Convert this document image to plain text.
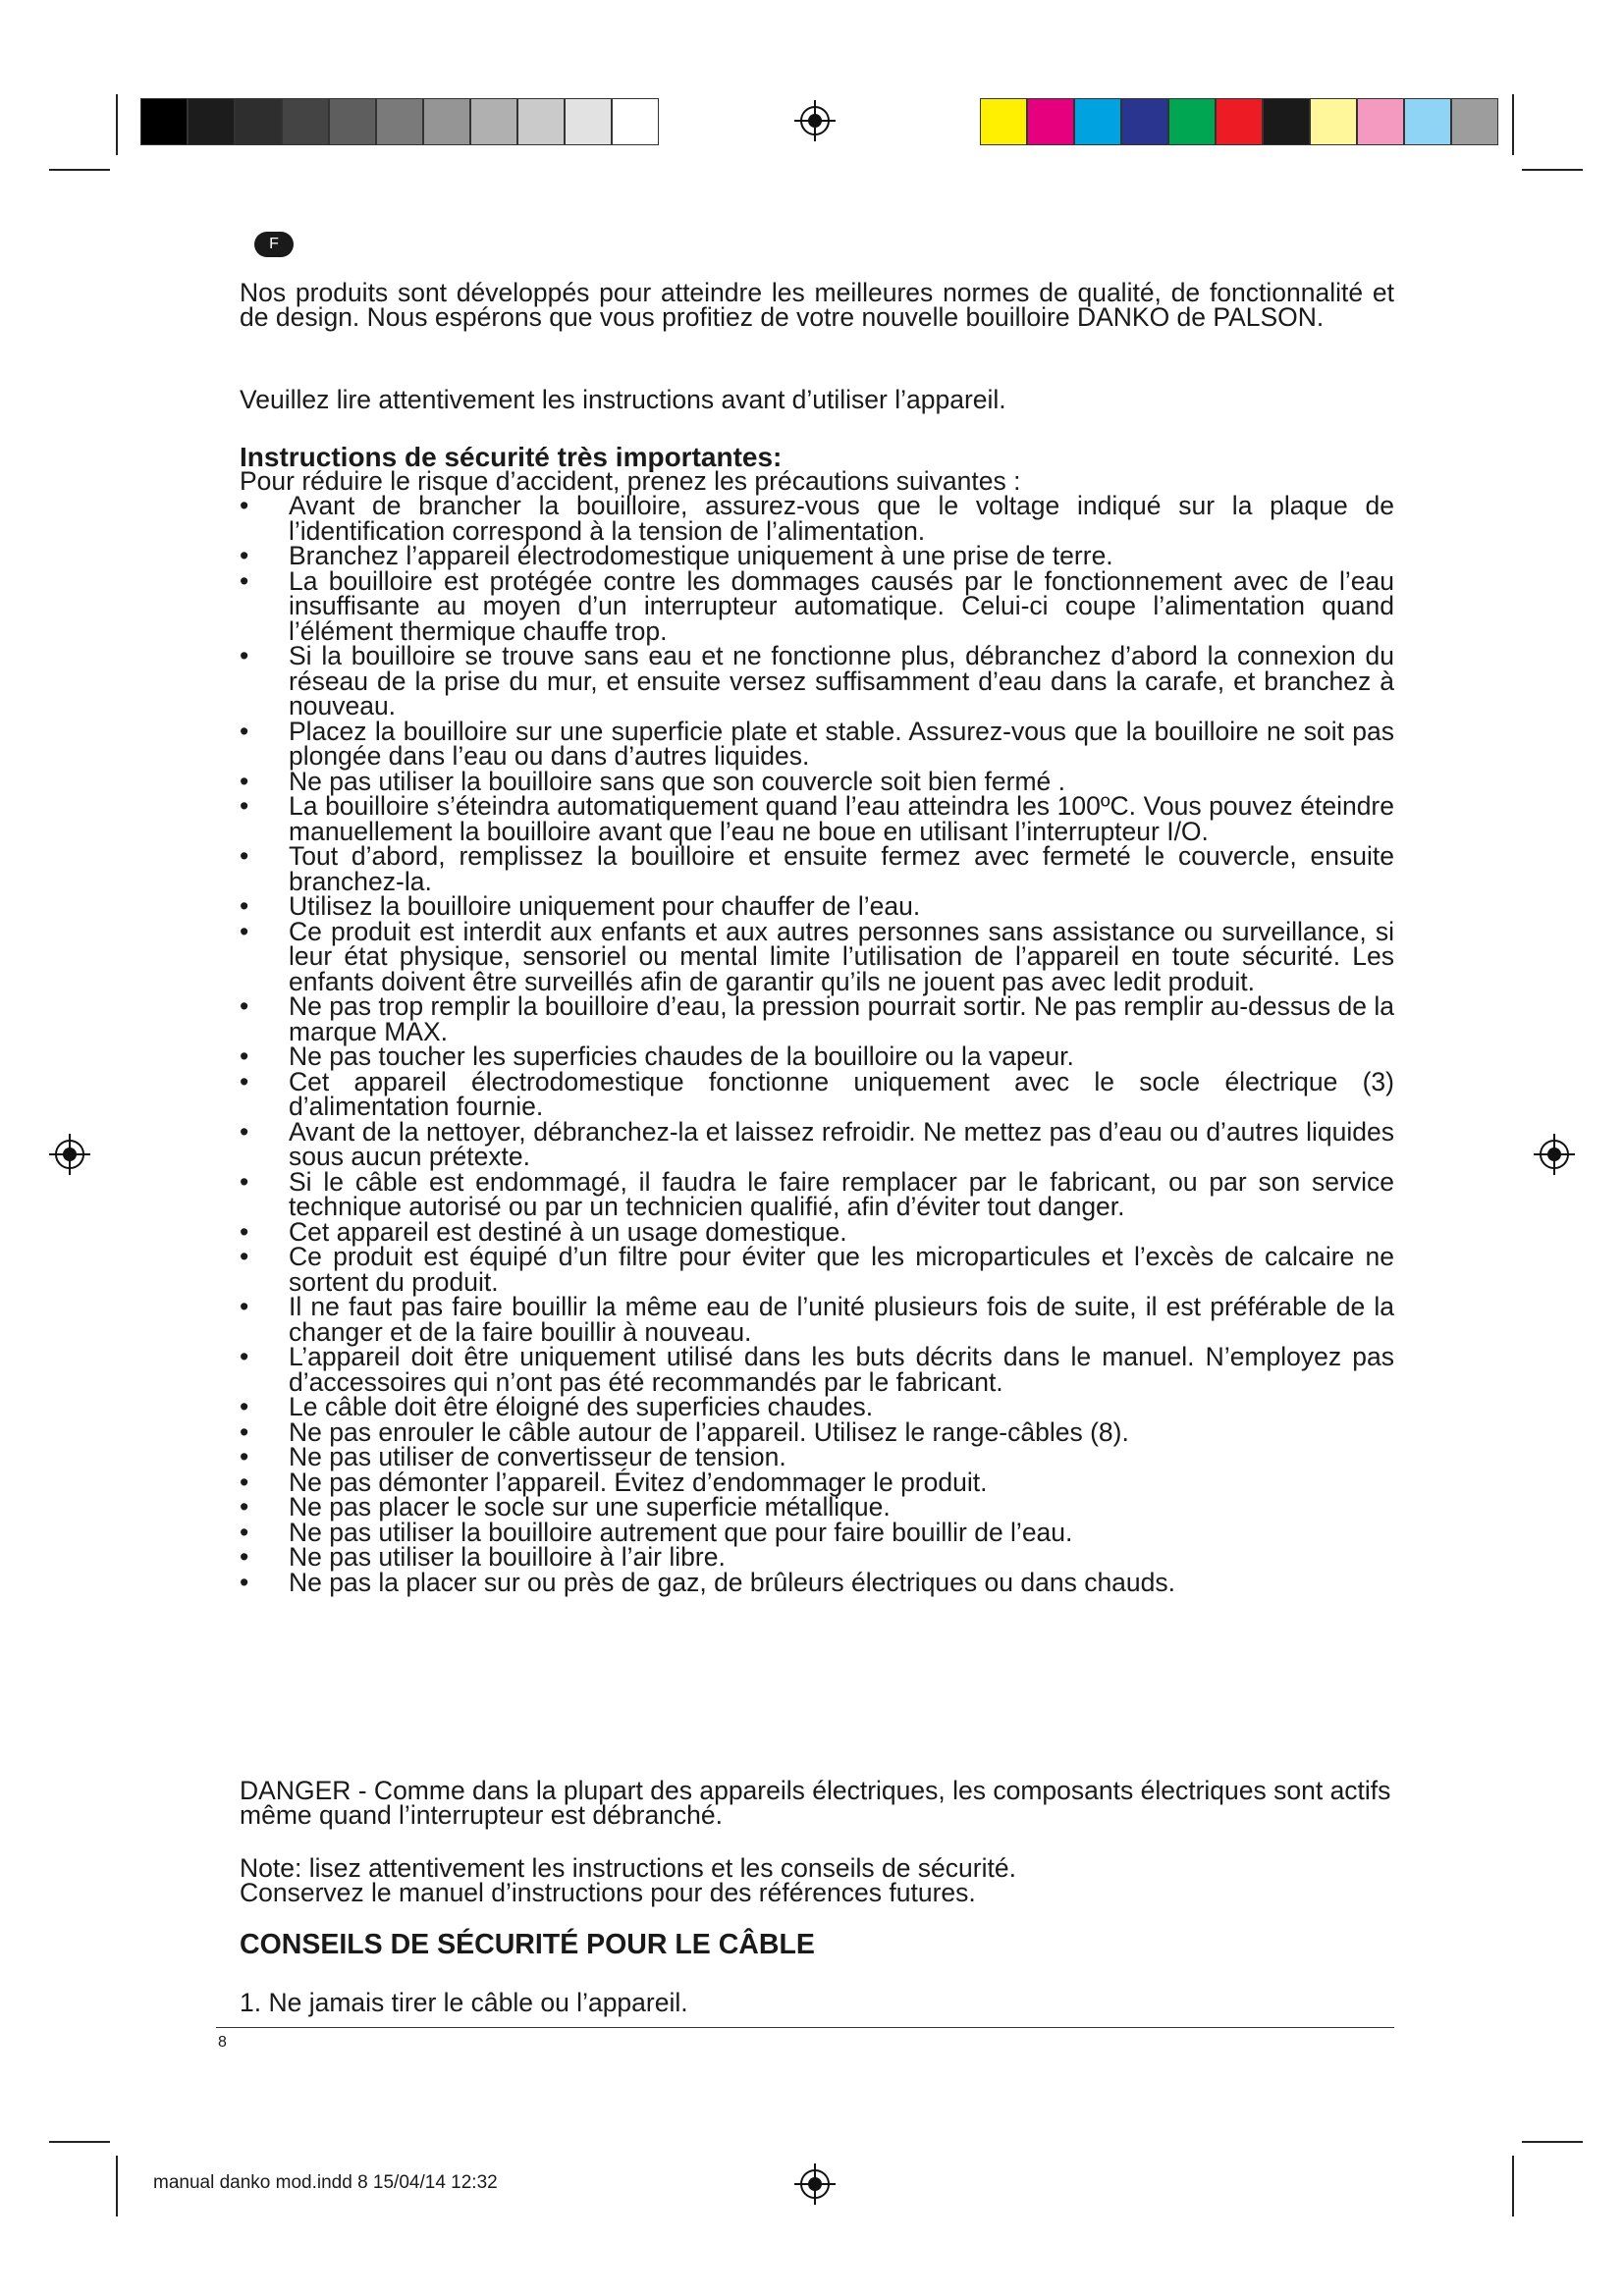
F

Nos produits sont développés pour atteindre les meilleures normes de qualité, de fonctionnalité et de design. Nous espérons que vous profitiez de votre nouvelle bouilloire DANKO de PALSON.

Veuillez lire attentivement les instructions avant d’utiliser l’appareil.

Instructions de sécurité très importantes:

Pour réduire le risque d’accident, prenez les précautions suivantes :

• Avant de brancher la bouilloire, assurez-vous que le voltage indiqué sur la plaque de l’identification correspond à la tension de l’alimentation.
• Branchez l’appareil électrodomestique uniquement à une prise de terre.
• La bouilloire est protégée contre les dommages causés par le fonctionnement avec de l’eau insuffisante au moyen d’un interrupteur automatique. Celui-ci coupe l’alimentation quand l’élément thermique chauffe trop.
• Si la bouilloire se trouve sans eau et ne fonctionne plus, débranchez d’abord la connexion du réseau de la prise du mur, et ensuite versez suffisamment d’eau dans la carafe, et branchez à nouveau.
• Placez la bouilloire sur une superficie plate et stable. Assurez-vous que la bouilloire ne soit pas plongée dans l’eau ou dans d’autres liquides.
• Ne pas utiliser la bouilloire sans que son couvercle soit bien fermé .
• La bouilloire s’éteindra automatiquement quand l’eau atteindra les 100ºC. Vous pouvez éteindre manuellement la bouilloire avant que l’eau ne boue en utilisant l’interrupteur I/O.
• Tout d’abord, remplissez la bouilloire et ensuite fermez avec fermeté le couvercle, ensuite branchez-la.
• Utilisez la bouilloire uniquement pour chauffer de l’eau.
• Ce produit est interdit aux enfants et aux autres personnes sans assistance ou surveillance, si leur état physique, sensoriel ou mental limite l’utilisation de l’appareil en toute sécurité. Les enfants doivent être surveillés afin de garantir qu’ils ne jouent pas avec ledit produit.
• Ne pas trop remplir la bouilloire d’eau, la pression pourrait sortir. Ne pas remplir au-dessus de la marque MAX.
• Ne pas toucher les superficies chaudes de la bouilloire ou la vapeur.
• Cet appareil électrodomestique fonctionne uniquement avec le socle électrique (3) d’alimentation fournie.
• Avant de la nettoyer, débranchez-la et laissez refroidir. Ne mettez pas d’eau ou d’autres liquides sous aucun prétexte.
• Si le câble est endommagé, il faudra le faire remplacer par le fabricant, ou par son service technique autorisé ou par un technicien qualifié, afin d’éviter tout danger.
• Cet appareil est destiné à un usage domestique.
• Ce produit est équipé d’un filtre pour éviter que les microparticules et l’excès de calcaire ne sortent du produit.
• Il ne faut pas faire bouillir la même eau de l’unité plusieurs fois de suite, il est préférable de la changer et de la faire bouillir à nouveau.
• L’appareil doit être uniquement utilisé dans les buts décrits dans le manuel. N’employez pas d’accessoires qui n’ont pas été recommandés par le fabricant.
• Le câble doit être éloigné des superficies chaudes.
• Ne pas enrouler le câble autour de l’appareil. Utilisez le range-câbles (8).
• Ne pas utiliser de convertisseur de tension.
• Ne pas démonter l’appareil. Évitez d’endommager le produit.
• Ne pas placer le socle sur une superficie métallique.
• Ne pas utiliser la bouilloire autrement que pour faire bouillir de l’eau.
• Ne pas utiliser la bouilloire à l’air libre.
• Ne pas la placer sur ou près de gaz, de brûleurs électriques ou dans chauds.

DANGER - Comme dans la plupart des appareils électriques, les composants électriques sont actifs même quand l’interrupteur est débranché.

Note: lisez attentivement les instructions et les conseils de sécurité.

Conservez le manuel d’instructions pour des références futures.

CONSEILS DE SÉCURITÉ POUR LE CÂBLE
1. Ne jamais tirer le câble ou l’appareil.
8
manual danko mod.indd 8 15/04/14 12:32
